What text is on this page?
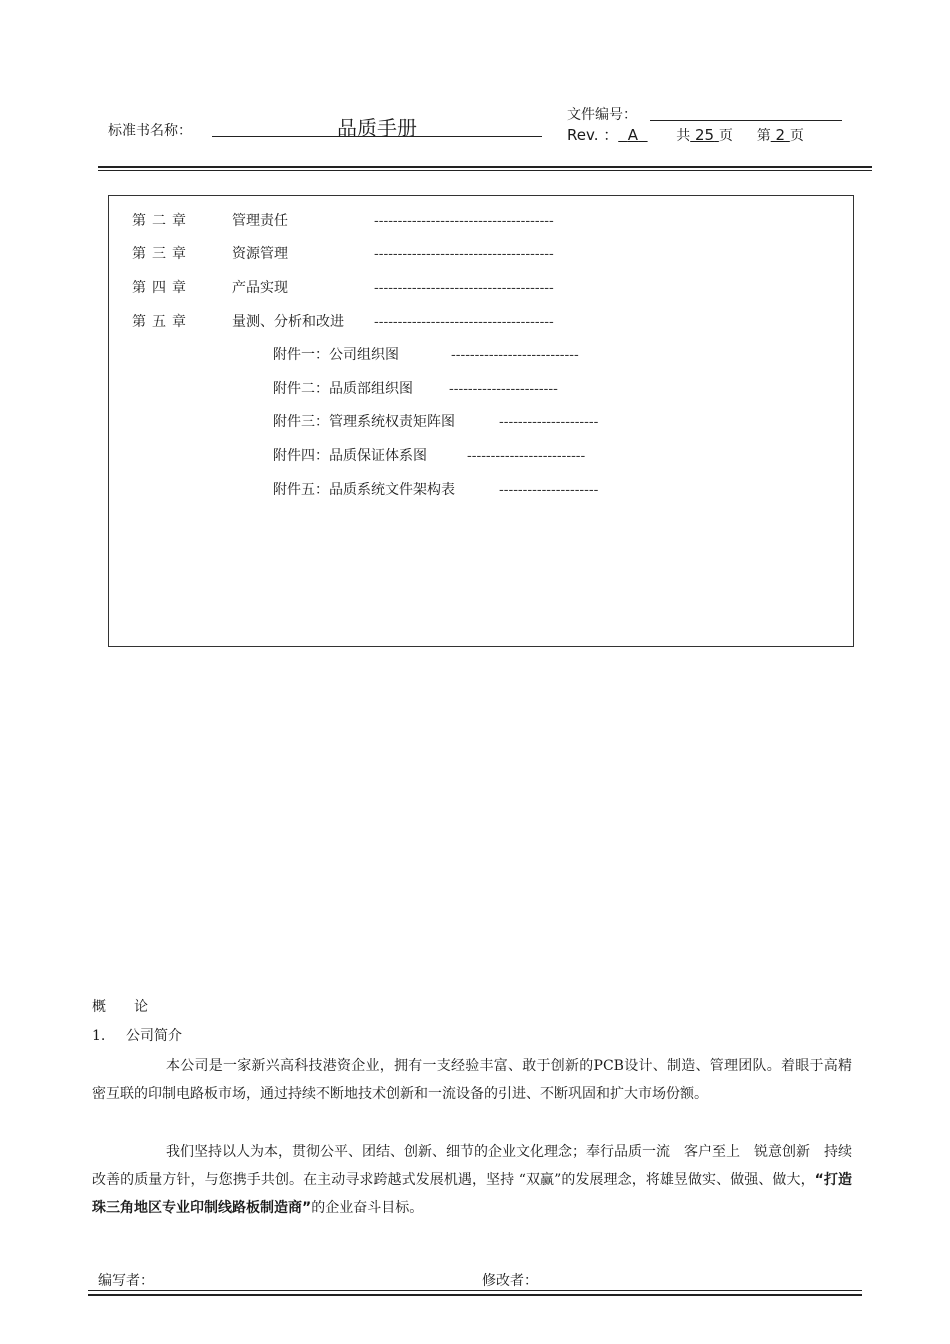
标准书名称：	品质手册
文件编号：
Rev. ： A	共 25 页 第 2 页
第二章	管理责任	--------------------------------------
第三章	资源管理	--------------------------------------
第四章	产品实现	--------------------------------------
第五章	量测、分析和改进 --------------------------------------
附件一：公司组织图	---------------------------
附件二：品质部组织图	-----------------------
附件三：管理系统权责矩阵图	---------------------
附件四：品质保证体系图	-------------------------
附件五：品质系统文件架构表	---------------------
概　　论
1. 公司简介
本公司是一家新兴高科技港资企业，拥有一支经验丰富、敢于创新的PCB设计、制造、管理团队。着眼于高精密互联的印制电路板市场，通过持续不断地技术创新和一流设备的引进、不断巩固和扩大市场份额。
我们坚持以人为本，贯彻公平、团结、创新、细节的企业文化理念；奉行品质一流　客户至上　锐意创新　持续改善的质量方针，与您携手共创。在主动寻求跨越式发展机遇，坚持 “双赢”的发展理念，将雄昱做实、做强、做大，“打造珠三角地区专业印制线路板制造商”的企业奋斗目标。
编写者：	修改者：
